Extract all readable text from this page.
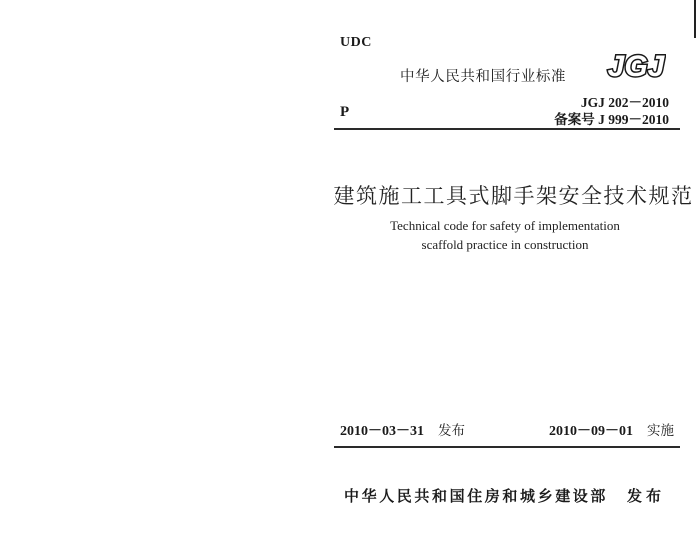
UDC
中华人民共和国行业标准 JGJ
P
JGJ 202－2010
备案号 J 999－2010
建筑施工工具式脚手架安全技术规范
Technical code for safety of implementation
scaffold practice in construction
2010－03－31 发布	2010－09－01 实施
中华人民共和国住房和城乡建设部 发布
